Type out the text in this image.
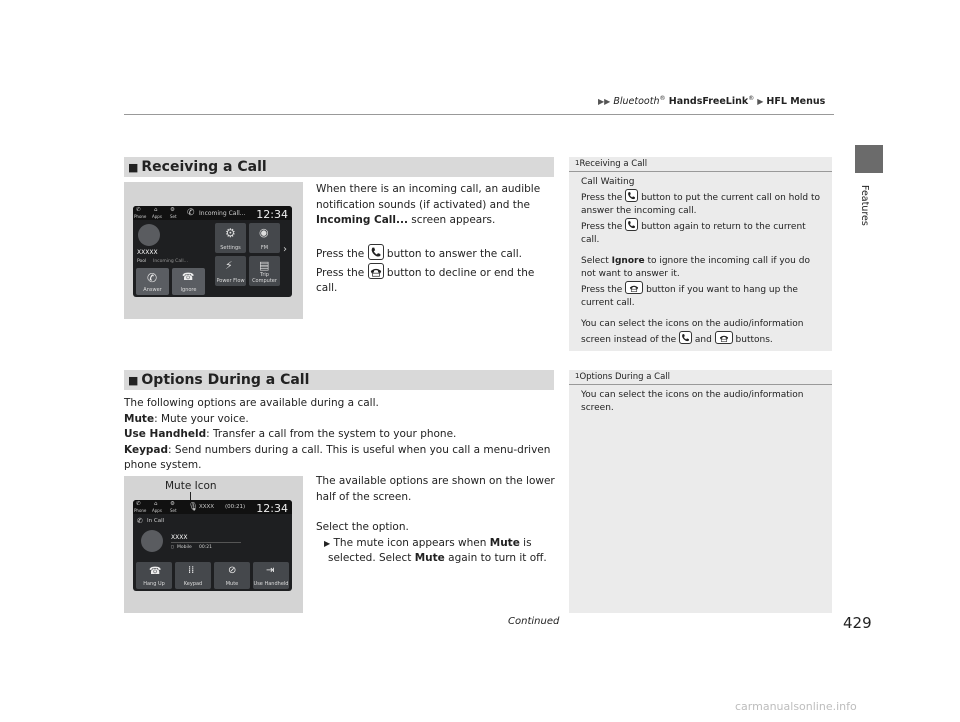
▶▶ Bluetooth® HandsFreeLink® ▶ HFL Menus
Features
■ Receiving a Call
When there is an incoming call, an audible notification sounds (if activated) and the Incoming Call... screen appears.
Press the
button to answer the call.
Press the
button to decline or end the call.
✆
Phone
⌂
Apps
⚙
Set ✆ Incoming Call... 12:34
XXXXX
Pool Incoming Call...
✆
Answer
☎
Ignore
⚙
Settings
◉
FM
⚡
Power Flow
▤
Trip Computer
›
1Receiving a Call

Call Waiting

Press the
button to put the current call on hold to answer the incoming call.

Press the
button again to return to the current call.

Select Ignore to ignore the incoming call if you do not want to answer it.

Press the
button if you want to hang up the current call.

You can select the icons on the audio/information screen instead of the
and
buttons.

■ Options During a Call

The following options are available during a call.

Mute: Mute your voice.

Use Handheld: Transfer a call from the system to your phone.

Keypad: Send numbers during a call. This is useful when you call a menu-driven phone system.

The available options are shown on the lower half of the screen.

Select the option.

▶ The mute icon appears when Mute is selected. Select Mute again to turn it off.

Mute Icon
✆
Phone
⌂
Apps
⚙
Set 🎙 XXXX (00:21) 12:34
✆ In Call
XXXX
▯ Mobile 00:21
☎
Hang Up
⁞⁞
Keypad
⊘
Mute
⇥
Use Handheld
1Options During a Call

You can select the icons on the audio/information screen.

Continued	429
carmanualsonline.info
